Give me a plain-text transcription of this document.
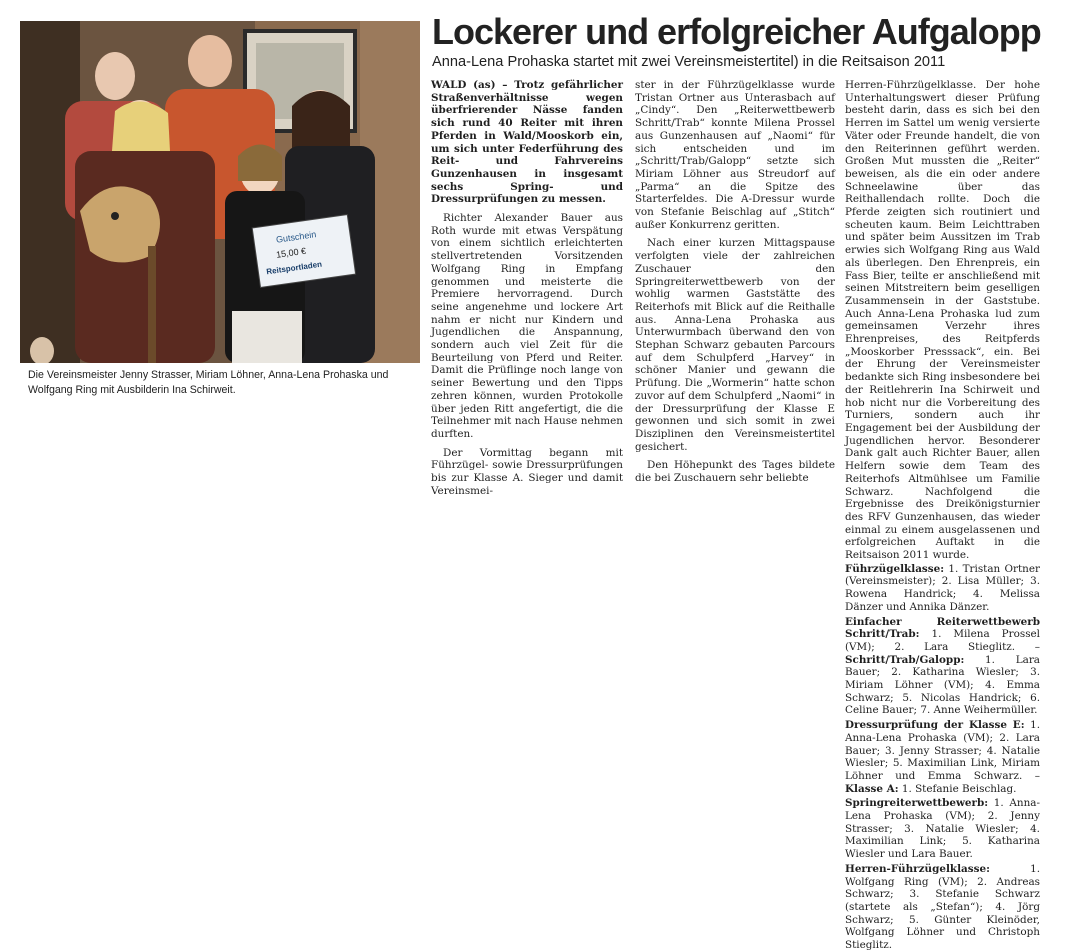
Gutschein
15,00 €
Reitsportladen
Die Vereinsmeister Jenny Strasser, Miriam Löhner, Anna-Lena Prohaska und Wolfgang Ring mit Ausbilderin Ina Schirweit.
Lockerer und erfolgreicher Aufgalopp
Anna-Lena Prohaska startet mit zwei Vereinsmeistertitel) in die Reitsaison 2011

WALD (as) – Trotz gefährlicher Straßenverhältnisse wegen überfrierender Nässe fanden sich rund 40 Reiter mit ihren Pferden in Wald/Mooskorb ein, um sich unter Federführung des Reit- und Fahrvereins Gunzenhausen in insgesamt sechs Spring- und Dressurprüfungen zu messen.

Richter Alexander Bauer aus Roth wurde mit etwas Verspätung von einem sichtlich erleichterten stellvertretenden Vorsitzenden Wolfgang Ring in Empfang genommen und meisterte die Premiere hervorragend. Durch seine angenehme und lockere Art nahm er nicht nur Kindern und Jugendlichen die Anspannung, sondern auch viel Zeit für die Beurteilung von Pferd und Reiter. Damit die Prüflinge noch lange von seiner Bewertung und den Tipps zehren können, wurden Protokolle über jeden Ritt angefertigt, die die Teilnehmer mit nach Hause nehmen durften.

Der Vormittag begann mit Führzügel- sowie Dressurprüfungen bis zur Klasse A. Sieger und damit Vereinsmei-

ster in der Führzügelklasse wurde Tristan Ortner aus Unterasbach auf „Cindy“. Den „Reiterwettbewerb Schritt/Trab“ konnte Milena Prossel aus Gunzenhausen auf „Naomi“ für sich entscheiden und im „Schritt/Trab/Galopp“ setzte sich Miriam Löhner aus Streudorf auf „Parma“ an die Spitze des Starterfeldes. Die A-Dressur wurde von Stefanie Beischlag auf „Stitch“ außer Konkurrenz geritten.

Nach einer kurzen Mittagspause verfolgten viele der zahlreichen Zuschauer den Springreiterwettbewerb von der wohlig warmen Gaststätte des Reiterhofs mit Blick auf die Reithalle aus. Anna-Lena Prohaska aus Unterwurmbach überwand den von Stephan Schwarz gebauten Parcours auf dem Schulpferd „Harvey“ in schöner Manier und gewann die Prüfung. Die „Wormerin“ hatte schon zuvor auf dem Schulpferd „Naomi“ in der Dressurprüfung der Klasse E gewonnen und sich somit in zwei Disziplinen den Vereinsmeistertitel gesichert.

Den Höhepunkt des Tages bildete die bei Zuschauern sehr beliebte

Herren-Führzügelklasse. Der hohe Unterhaltungswert dieser Prüfung besteht darin, dass es sich bei den Herren im Sattel um wenig versierte Väter oder Freunde handelt, die von den Reiterinnen geführt werden. Großen Mut mussten die „Reiter“ beweisen, als die ein oder andere Schneelawine über das Reithallendach rollte. Doch die Pferde zeigten sich routiniert und scheuten kaum. Beim Leichttraben und später beim Aussitzen im Trab erwies sich Wolfgang Ring aus Wald als überlegen. Den Ehrenpreis, ein Fass Bier, teilte er anschließend mit seinen Mitstreitern beim geselligen Zusammensein in der Gaststube. Auch Anna-Lena Prohaska lud zum gemeinsamen Verzehr ihres Ehrenpreises, des Reitpferds „Mooskorber Presssack“, ein. Bei der Ehrung der Vereinsmeister bedankte sich Ring insbesondere bei der Reitlehrerin Ina Schirweit und hob nicht nur die Vorbereitung des Turniers, sondern auch ihr Engagement bei der Ausbildung der Jugendlichen hervor. Besonderer Dank galt auch Richter Bauer, allen Helfern sowie dem Team des Reiterhofs Altmühlsee um Familie Schwarz. Nachfolgend die Ergebnisse des Dreikönigsturnier des RFV Gunzenhausen, das wieder einmal zu einem ausgelassenen und erfolgreichen Auftakt in die Reitsaison 2011 wurde.

Führzügelklasse: 1. Tristan Ortner (Vereinsmeister); 2. Lisa Müller; 3. Rowena Handrick; 4. Melissa Dänzer und Annika Dänzer.

Einfacher Reiterwettbewerb Schritt/Trab: 1. Milena Prossel (VM); 2. Lara Stieglitz. – Schritt/Trab/Galopp: 1. Lara Bauer; 2. Katharina Wiesler; 3. Miriam Löhner (VM); 4. Emma Schwarz; 5. Nicolas Handrick; 6. Celine Bauer; 7. Anne Weihermüller.

Dressurprüfung der Klasse E: 1. Anna-Lena Prohaska (VM); 2. Lara Bauer; 3. Jenny Strasser; 4. Natalie Wiesler; 5. Maximilian Link, Miriam Löhner und Emma Schwarz. – Klasse A: 1. Stefanie Beischlag.

Springreiterwettbewerb: 1. Anna-Lena Prohaska (VM); 2. Jenny Strasser; 3. Natalie Wiesler; 4. Maximilian Link; 5. Katharina Wiesler und Lara Bauer.

Herren-Führzügelklasse: 1. Wolfgang Ring (VM); 2. Andreas Schwarz; 3. Stefanie Schwarz (startete als „Stefan“); 4. Jörg Schwarz; 5. Günter Kleinöder, Wolfgang Löhner und Christoph Stieglitz.
